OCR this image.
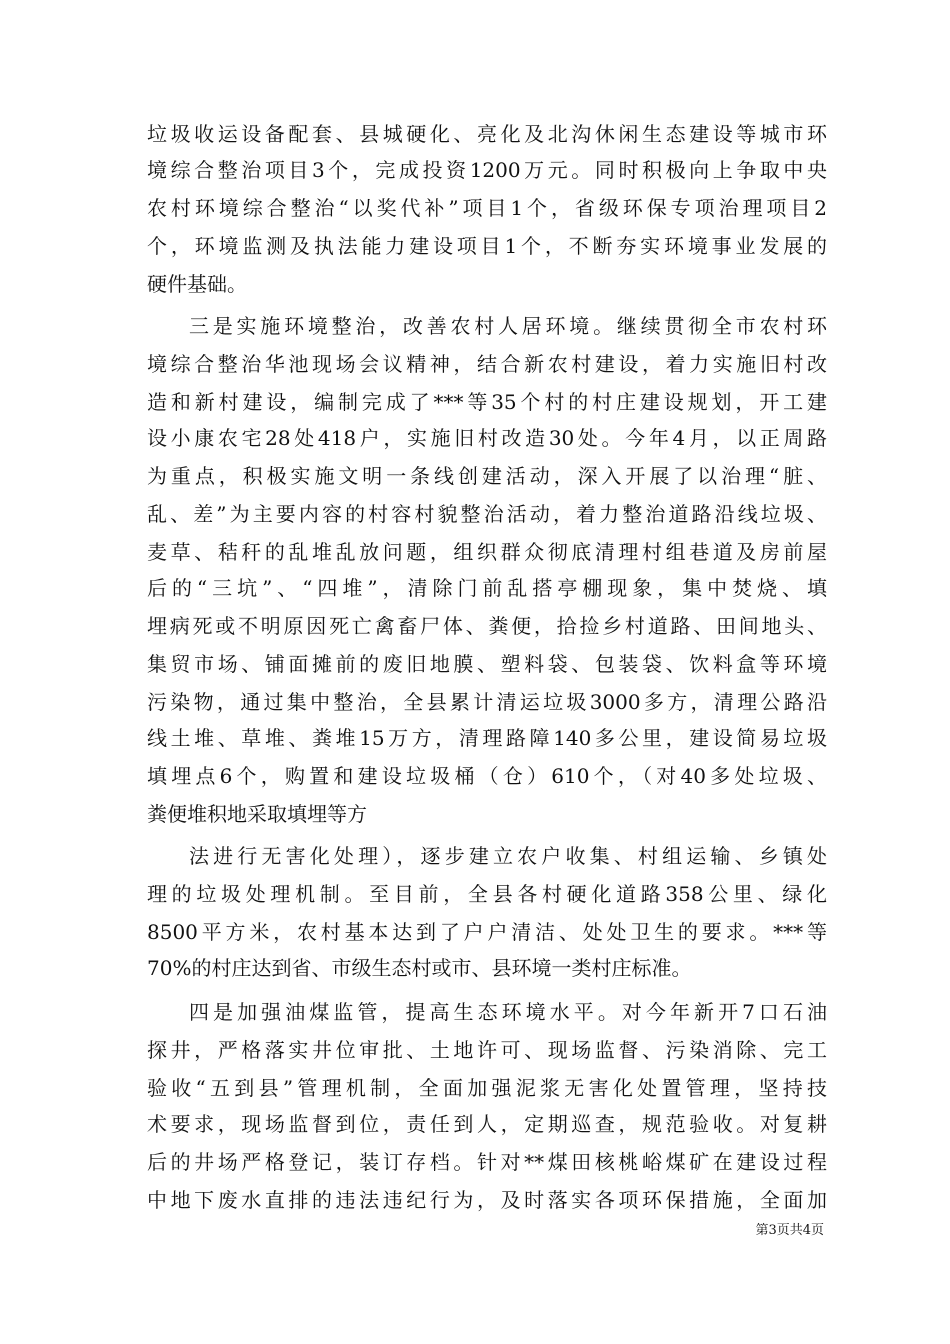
垃圾收运设备配套、县城硬化、亮化及北沟休闲生态建设等城市环
境综合整治项目3个，完成投资1200万元。同时积极向上争取中央
农村环境综合整治“以奖代补”项目1个，省级环保专项治理项目2
个，环境监测及执法能力建设项目1个，不断夯实环境事业发展的
硬件基础。
三是实施环境整治，改善农村人居环境。继续贯彻全市农村环
境综合整治华池现场会议精神，结合新农村建设，着力实施旧村改
造和新村建设，编制完成了***等35个村的村庄建设规划，开工建
设小康农宅28处418户，实施旧村改造30处。今年4月，以正周路
为重点，积极实施文明一条线创建活动，深入开展了以治理“脏、
乱、差”为主要内容的村容村貌整治活动，着力整治道路沿线垃圾、
麦草、秸秆的乱堆乱放问题，组织群众彻底清理村组巷道及房前屋
后的“三坑”、“四堆”，清除门前乱搭亭棚现象，集中焚烧、填
埋病死或不明原因死亡禽畜尸体、粪便，拾捡乡村道路、田间地头、
集贸市场、铺面摊前的废旧地膜、塑料袋、包装袋、饮料盒等环境
污染物，通过集中整治，全县累计清运垃圾3000多方，清理公路沿
线土堆、草堆、粪堆15万方，清理路障140多公里，建设简易垃圾
填埋点6个，购置和建设垃圾桶（仓）610个，（对40多处垃圾、
粪便堆积地采取填埋等方
法进行无害化处理），逐步建立农户收集、村组运输、乡镇处
理的垃圾处理机制。至目前，全县各村硬化道路358公里、绿化
8500平方米，农村基本达到了户户清洁、处处卫生的要求。***等
70%的村庄达到省、市级生态村或市、县环境一类村庄标准。
四是加强油煤监管，提高生态环境水平。对今年新开7口石油
探井，严格落实井位审批、土地许可、现场监督、污染消除、完工
验收“五到县”管理机制，全面加强泥浆无害化处置管理，坚持技
术要求，现场监督到位，责任到人，定期巡查，规范验收。对复耕
后的井场严格登记，装订存档。针对**煤田核桃峪煤矿在建设过程
中地下废水直排的违法违纪行为，及时落实各项环保措施，全面加
第3页共4页
